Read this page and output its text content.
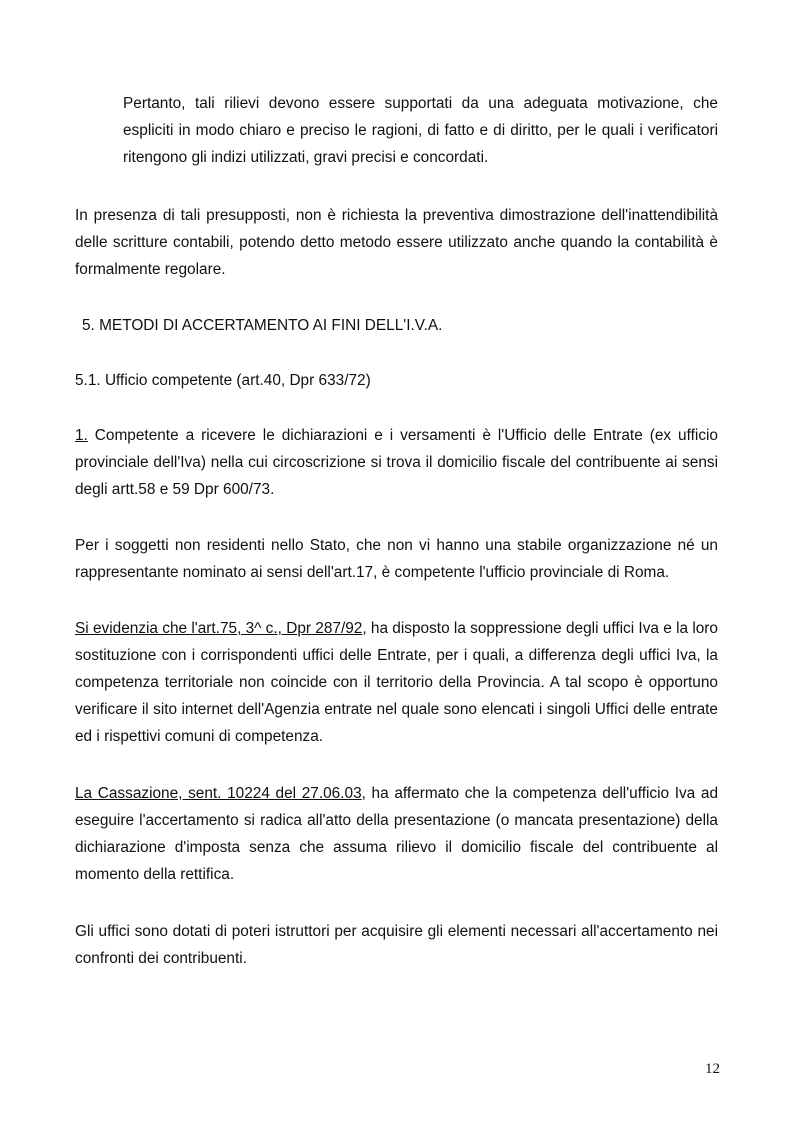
Pertanto, tali rilievi devono essere supportati da una adeguata motivazione, che espliciti in modo chiaro e preciso le ragioni, di fatto e di diritto, per le quali i verificatori ritengono gli indizi utilizzati, gravi precisi e concordati.

In presenza di tali presupposti, non è richiesta la preventiva dimostrazione dell'inattendibilità delle scritture contabili, potendo detto metodo essere utilizzato anche quando la contabilità è formalmente regolare.

5. METODI DI ACCERTAMENTO AI FINI DELL'I.V.A.

5.1. Ufficio competente (art.40, Dpr 633/72)

1. Competente a ricevere le dichiarazioni e i versamenti è l'Ufficio delle Entrate (ex ufficio provinciale dell'Iva) nella cui circoscrizione si trova il domicilio fiscale del contribuente ai sensi degli artt.58 e 59 Dpr 600/73.

Per i soggetti non residenti nello Stato, che non vi hanno una stabile organizzazione né un rappresentante nominato ai sensi dell'art.17, è competente l'ufficio provinciale di Roma.

Si evidenzia che l'art.75, 3^ c., Dpr 287/92, ha disposto la soppressione degli uffici Iva e la loro sostituzione con i corrispondenti uffici delle Entrate, per i quali, a differenza degli uffici Iva, la competenza territoriale non coincide con il territorio della Provincia. A tal scopo è opportuno verificare il sito internet dell'Agenzia entrate nel quale sono elencati i singoli Uffici delle entrate ed i rispettivi comuni di competenza.

La Cassazione, sent. 10224 del 27.06.03, ha affermato che la competenza dell'ufficio Iva ad eseguire l'accertamento si radica all'atto della presentazione (o mancata presentazione) della dichiarazione d'imposta senza che assuma rilievo il domicilio fiscale del contribuente al momento della rettifica.

Gli uffici sono dotati di poteri istruttori per acquisire gli elementi necessari all'accertamento nei confronti dei contribuenti.

12
